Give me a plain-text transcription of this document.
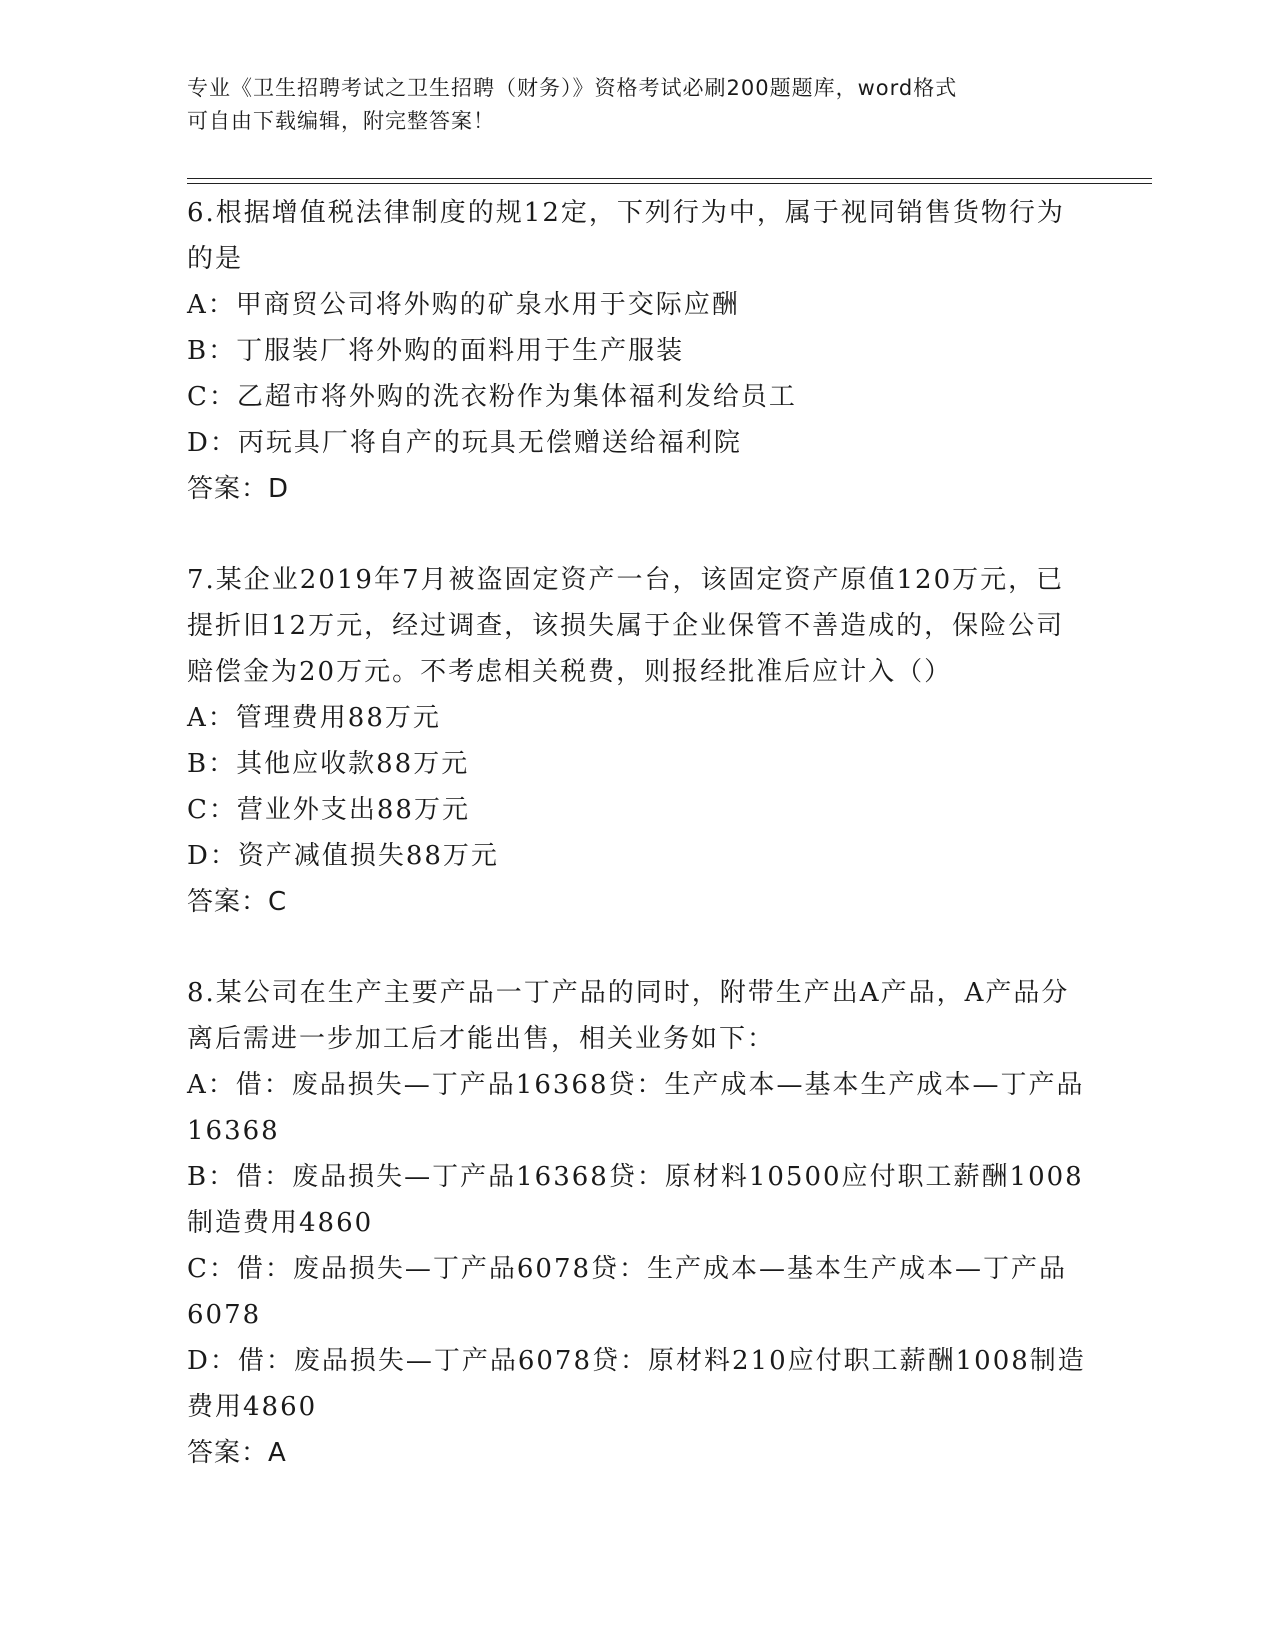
专业《卫生招聘考试之卫生招聘（财务）》资格考试必刷200题题库，word格式
可自由下载编辑，附完整答案！

6.根据增值税法律制度的规12定，下列行为中，属于视同销售货物行为的是

A：甲商贸公司将外购的矿泉水用于交际应酬

B：丁服装厂将外购的面料用于生产服装

C：乙超市将外购的洗衣粉作为集体福利发给员工

D：丙玩具厂将自产的玩具无偿赠送给福利院

答案：D

7.某企业2019年7月被盗固定资产一台，该固定资产原值120万元，已提折旧12万元，经过调查，该损失属于企业保管不善造成的，保险公司赔偿金为20万元。不考虑相关税费，则报经批准后应计入（）

A：管理费用88万元

B：其他应收款88万元

C：营业外支出88万元

D：资产减值损失88万元

答案：C

8.某公司在生产主要产品一丁产品的同时，附带生产出A产品，A产品分离后需进一步加工后才能出售，相关业务如下：

A：借：废品损失—丁产品16368贷：生产成本—基本生产成本—丁产品16368

B：借：废品损失—丁产品16368贷：原材料10500应付职工薪酬1008制造费用4860

C：借：废品损失—丁产品6078贷：生产成本—基本生产成本—丁产品6078

D：借：废品损失—丁产品6078贷：原材料210应付职工薪酬1008制造费用4860

答案：A
